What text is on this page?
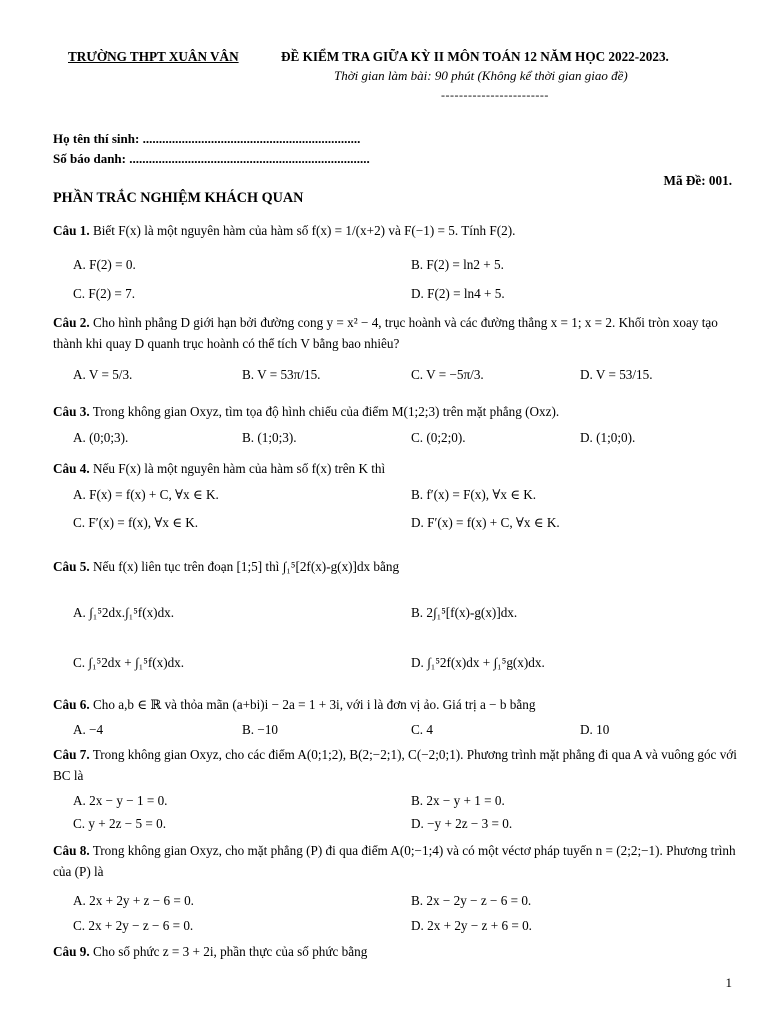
TRƯỜNG THPT XUÂN VÂN	ĐỀ KIỂM TRA GIỮA KỲ II MÔN TOÁN 12 NĂM HỌC 2022-2023.
Thời gian làm bài: 90 phút (Không kể thời gian giao đề)
------------------------
Họ tên thí sinh: ...................................................................
Số báo danh: ..........................................................................
Mã Đề: 001.
PHẦN TRẮC NGHIỆM KHÁCH QUAN
Câu 1. Biết F(x) là một nguyên hàm của hàm số f(x) = 1/(x+2) và F(−1) = 5. Tính F(2).
A. F(2) = 0.	B. F(2) = ln2 + 5.
C. F(2) = 7.	D. F(2) = ln4 + 5.
Câu 2. Cho hình phẳng D giới hạn bởi đường cong y = x² − 4, trục hoành và các đường thẳng x = 1; x = 2. Khối tròn xoay tạo thành khi quay D quanh trục hoành có thể tích V bằng bao nhiêu?
A. V = 5/3.	B. V = 53π/15.	C. V = −5π/3.	D. V = 53/15.
Câu 3. Trong không gian Oxyz, tìm tọa độ hình chiếu của điểm M(1;2;3) trên mặt phẳng (Oxz).
A. (0;0;3).	B. (1;0;3).	C. (0;2;0).	D. (1;0;0).
Câu 4. Nếu F(x) là một nguyên hàm của hàm số f(x) trên K thì
A. F(x) = f(x) + C, ∀x ∈ K.	B. f′(x) = F(x), ∀x ∈ K.
C. F′(x) = f(x), ∀x ∈ K.	D. F′(x) = f(x) + C, ∀x ∈ K.
Câu 5. Nếu f(x) liên tục trên đoạn [1;5] thì ∫₁⁵[2f(x)-g(x)]dx bằng
A. ∫₁⁵2dx.∫₁⁵f(x)dx.	B. 2∫₁⁵[f(x)-g(x)]dx.
C. ∫₁⁵2dx + ∫₁⁵f(x)dx.	D. ∫₁⁵2f(x)dx + ∫₁⁵g(x)dx.
Câu 6. Cho a,b ∈ ℝ và thỏa mãn (a+bi)i − 2a = 1 + 3i, với i là đơn vị ảo. Giá trị a − b bằng
A. −4	B. −10	C. 4	D. 10
Câu 7. Trong không gian Oxyz, cho các điểm A(0;1;2), B(2;−2;1), C(−2;0;1). Phương trình mặt phẳng đi qua A và vuông góc với BC là
A. 2x − y − 1 = 0.	B. 2x − y + 1 = 0.
C. y + 2z − 5 = 0.	D. −y + 2z − 3 = 0.
Câu 8. Trong không gian Oxyz, cho mặt phẳng (P) đi qua điểm A(0;−1;4) và có một véctơ pháp tuyến n = (2;2;−1). Phương trình của (P) là
A. 2x + 2y + z − 6 = 0.	B. 2x − 2y − z − 6 = 0.
C. 2x + 2y − z − 6 = 0.	D. 2x + 2y − z + 6 = 0.
Câu 9. Cho số phức z = 3 + 2i, phần thực của số phức bằng
1
